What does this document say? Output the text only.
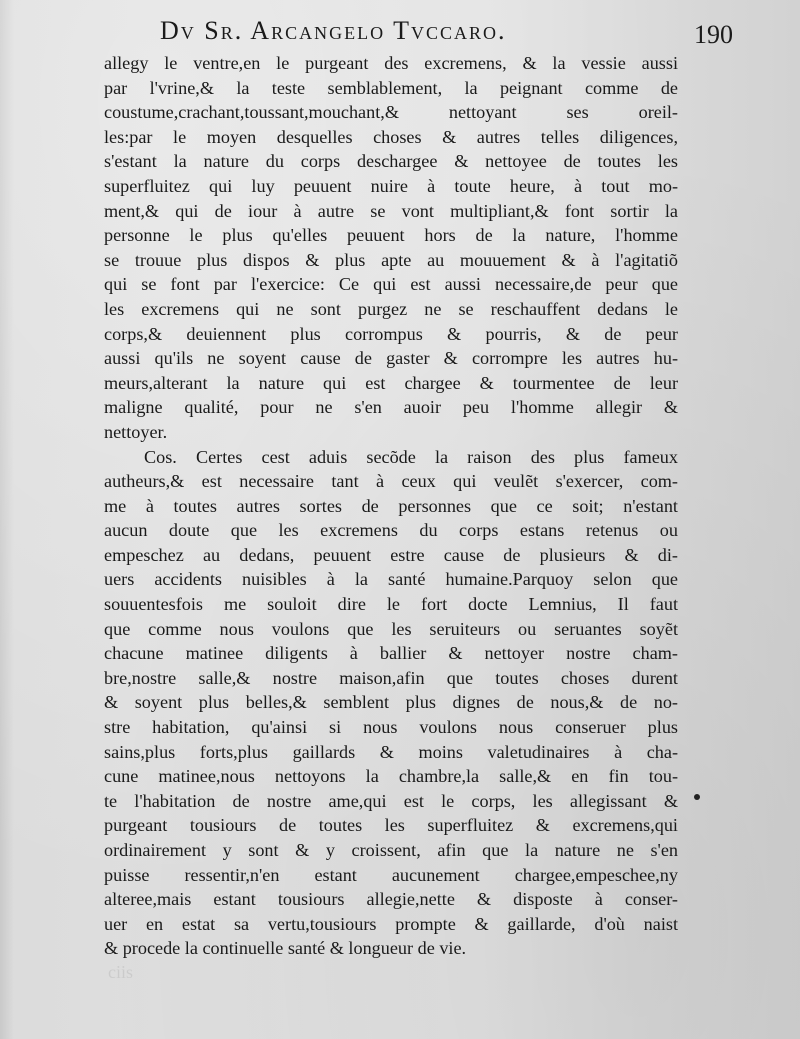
Dv Sr. Arcangelo Tvccaro.	190
allegy le ventre,en le purgeant des excremens, & la vessie aussi
par l'vrine,& la teste semblablement, la peignant comme de
coustume,crachant,toussant,mouchant,& nettoyant ses oreil-
les:par le moyen desquelles choses & autres telles diligences,
s'estant la nature du corps deschargee & nettoyee de toutes les
superfluitez qui luy peuuent nuire à toute heure, à tout mo-
ment,& qui de iour à autre se vont multipliant,& font sortir la
personne le plus qu'elles peuuent hors de la nature, l'homme
se trouue plus dispos & plus apte au mouuement & à l'agitatiõ
qui se font par l'exercice: Ce qui est aussi necessaire,de peur que
les excremens qui ne sont purgez ne se reschauffent dedans le
corps,& deuiennent plus corrompus & pourris, & de peur
aussi qu'ils ne soyent cause de gaster & corrompre les autres hu-
meurs,alterant la nature qui est chargee & tourmentee de leur
maligne qualité, pour ne s'en auoir peu l'homme allegir &
nettoyer.
Cos. Certes cest aduis secõde la raison des plus fameux
autheurs,& est necessaire tant à ceux qui veulẽt s'exercer, com-
me à toutes autres sortes de personnes que ce soit; n'estant
aucun doute que les excremens du corps estans retenus ou
empeschez au dedans, peuuent estre cause de plusieurs & di-
uers accidents nuisibles à la santé humaine.Parquoy selon que
souuentesfois me souloit dire le fort docte Lemnius, Il faut
que comme nous voulons que les seruiteurs ou seruantes soyẽt
chacune matinee diligents à ballier & nettoyer nostre cham-
bre,nostre salle,& nostre maison,afin que toutes choses durent
& soyent plus belles,& semblent plus dignes de nous,& de no-
stre habitation, qu'ainsi si nous voulons nous conseruer plus
sains,plus forts,plus gaillards & moins valetudinaires à cha-
cune matinee,nous nettoyons la chambre,la salle,& en fin tou-
te l'habitation de nostre ame,qui est le corps, les allegissant &
purgeant tousiours de toutes les superfluitez & excremens,qui
ordinairement y sont & y croissent, afin que la nature ne s'en
puisse ressentir,n'en estant aucunement chargee,empeschee,ny
alteree,mais estant tousiours allegie,nette & disposte à conser-
uer en estat sa vertu,tousiours prompte & gaillarde, d'où naist
& procede la continuelle santé & longueur de vie.
ciis
